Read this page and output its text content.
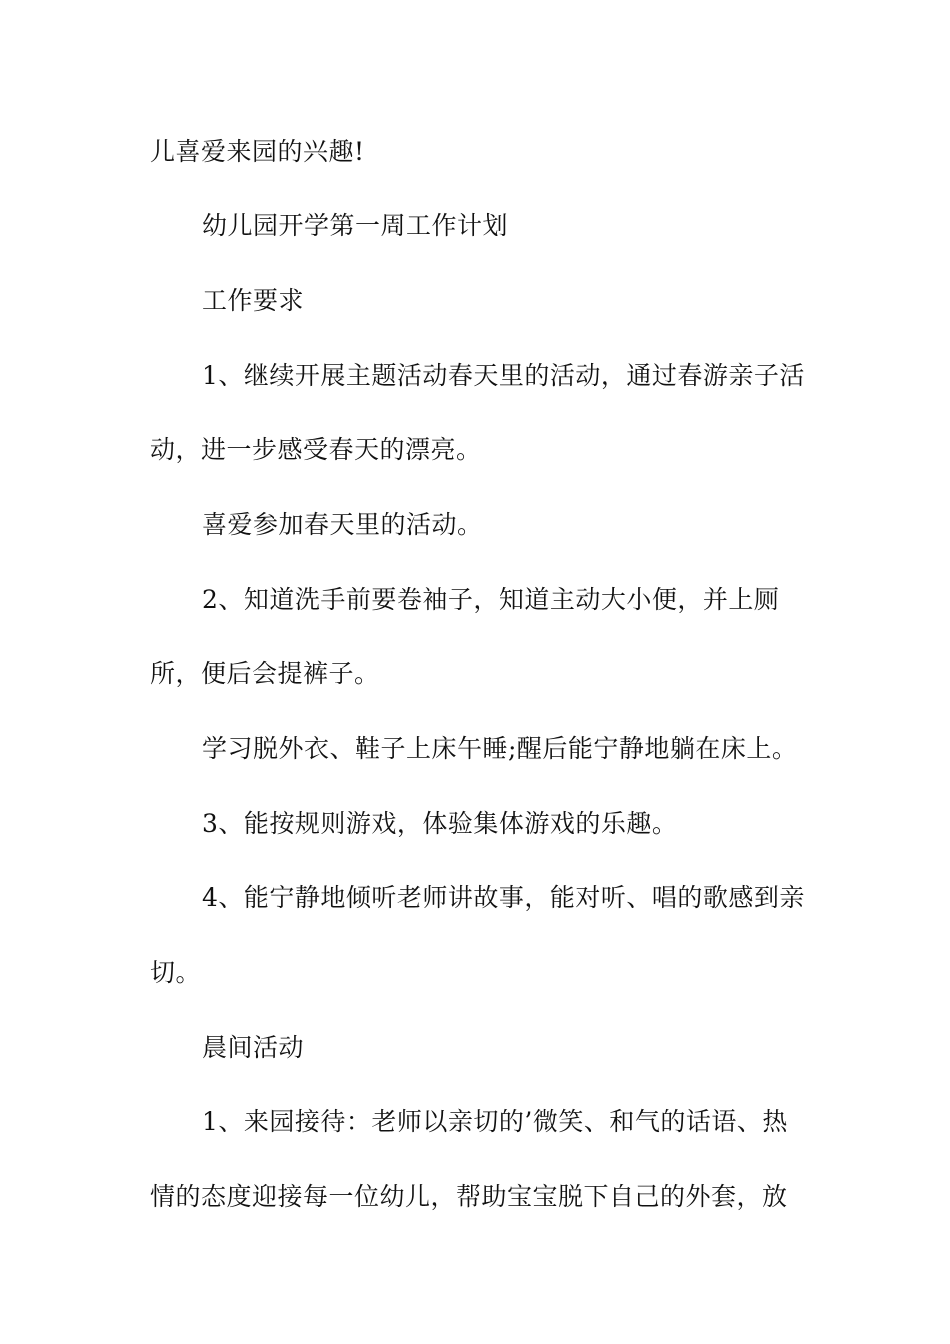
儿喜爱来园的兴趣!
幼儿园开学第一周工作计划
工作要求
1、继续开展主题活动春天里的活动，通过春游亲子活
动，进一步感受春天的漂亮。
喜爱参加春天里的活动。
2、知道洗手前要卷袖子，知道主动大小便，并上厕
所，便后会提裤子。
学习脱外衣、鞋子上床午睡;醒后能宁静地躺在床上。
3、能按规则游戏，体验集体游戏的乐趣。
4、能宁静地倾听老师讲故事，能对听、唱的歌感到亲
切。
晨间活动
1、来园接待：老师以亲切的’微笑、和气的话语、热
情的态度迎接每一位幼儿，帮助宝宝脱下自己的外套，放
